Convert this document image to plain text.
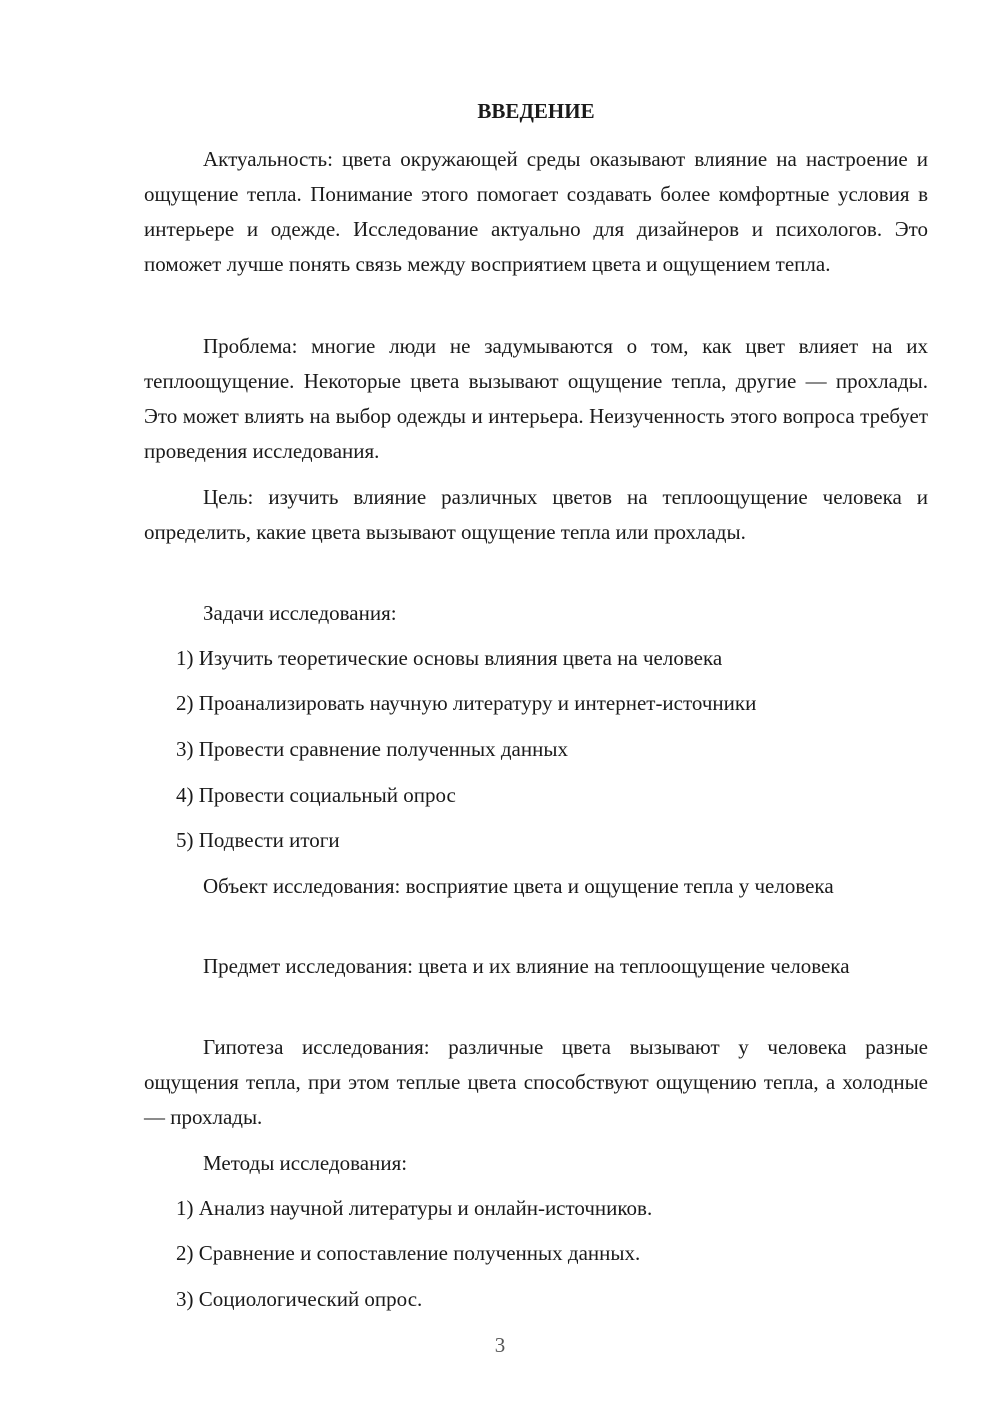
ВВЕДЕНИЕ

Актуальность: цвета окружающей среды оказывают влияние на настроение и ощущение тепла. Понимание этого помогает создавать более комфортные условия в интерьере и одежде. Исследование актуально для дизайнеров и психологов. Это поможет лучше понять связь между восприятием цвета и ощущением тепла.

Проблема: многие люди не задумываются о том, как цвет влияет на их теплоощущение. Некоторые цвета вызывают ощущение тепла, другие — прохлады. Это может влиять на выбор одежды и интерьера. Неизученность этого вопроса требует проведения исследования.

Цель: изучить влияние различных цветов на теплоощущение человека и определить, какие цвета вызывают ощущение тепла или прохлады.

Задачи исследования:
1) Изучить теоретические основы влияния цвета на человека
2) Проанализировать научную литературу и интернет-источники
3) Провести сравнение полученных данных
4) Провести социальный опрос
5) Подвести итоги

Объект исследования: восприятие цвета и ощущение тепла у человека

Предмет исследования: цвета и их влияние на теплоощущение человека

Гипотеза исследования: различные цвета вызывают у человека разные ощущения тепла, при этом теплые цвета способствуют ощущению тепла, а холодные — прохлады.

Методы исследования:
1) Анализ научной литературы и онлайн-источников.
2) Сравнение и сопоставление полученных данных.
3) Социологический опрос.
3
